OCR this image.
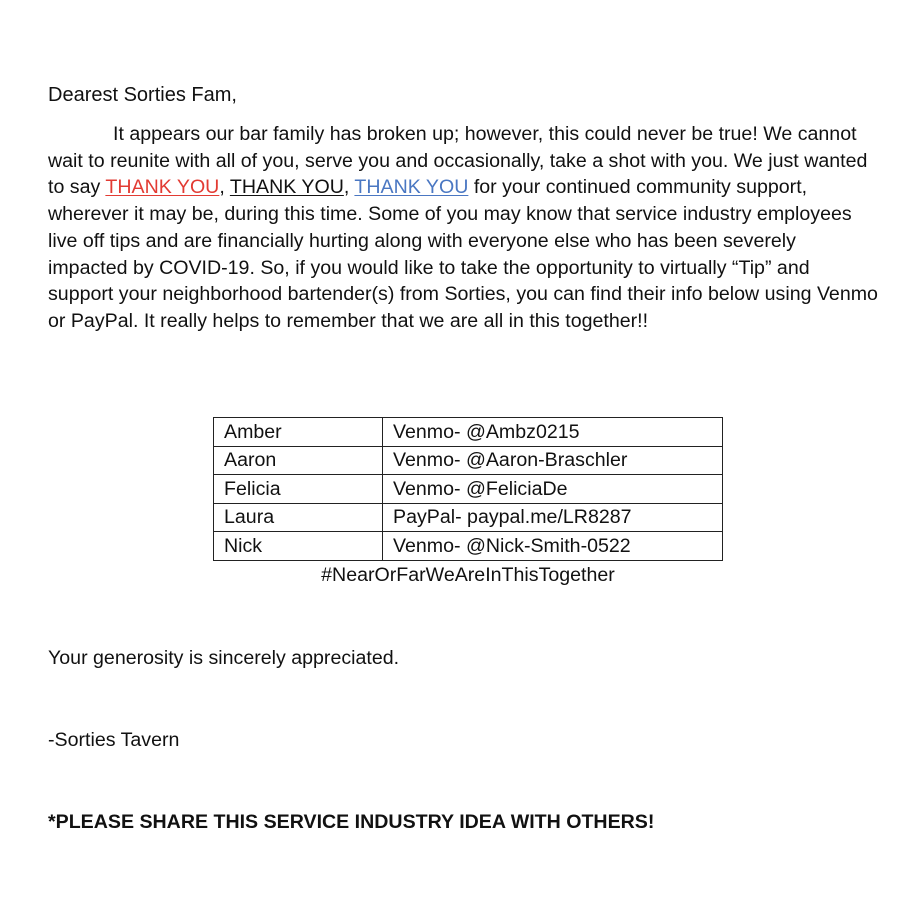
Dearest Sorties Fam,

It appears our bar family has broken up; however, this could never be true! We cannot wait to reunite with all of you, serve you and occasionally, take a shot with you. We just wanted to say THANK YOU, THANK YOU, THANK YOU for your continued community support, wherever it may be, during this time. Some of you may know that service industry employees live off tips and are financially hurting along with everyone else who has been severely impacted by COVID-19. So, if you would like to take the opportunity to virtually “Tip” and support your neighborhood bartender(s) from Sorties, you can find their info below using Venmo or PayPal. It really helps to remember that we are all in this together!!

Amber	Venmo- @Ambz0215
Aaron	Venmo- @Aaron-Braschler
Felicia	Venmo- @FeliciaDe
Laura	PayPal- paypal.me/LR8287
Nick	Venmo- @Nick-Smith-0522

#NearOrFarWeAreInThisTogether

Your generosity is sincerely appreciated.

-Sorties Tavern

*PLEASE SHARE THIS SERVICE INDUSTRY IDEA WITH OTHERS!
